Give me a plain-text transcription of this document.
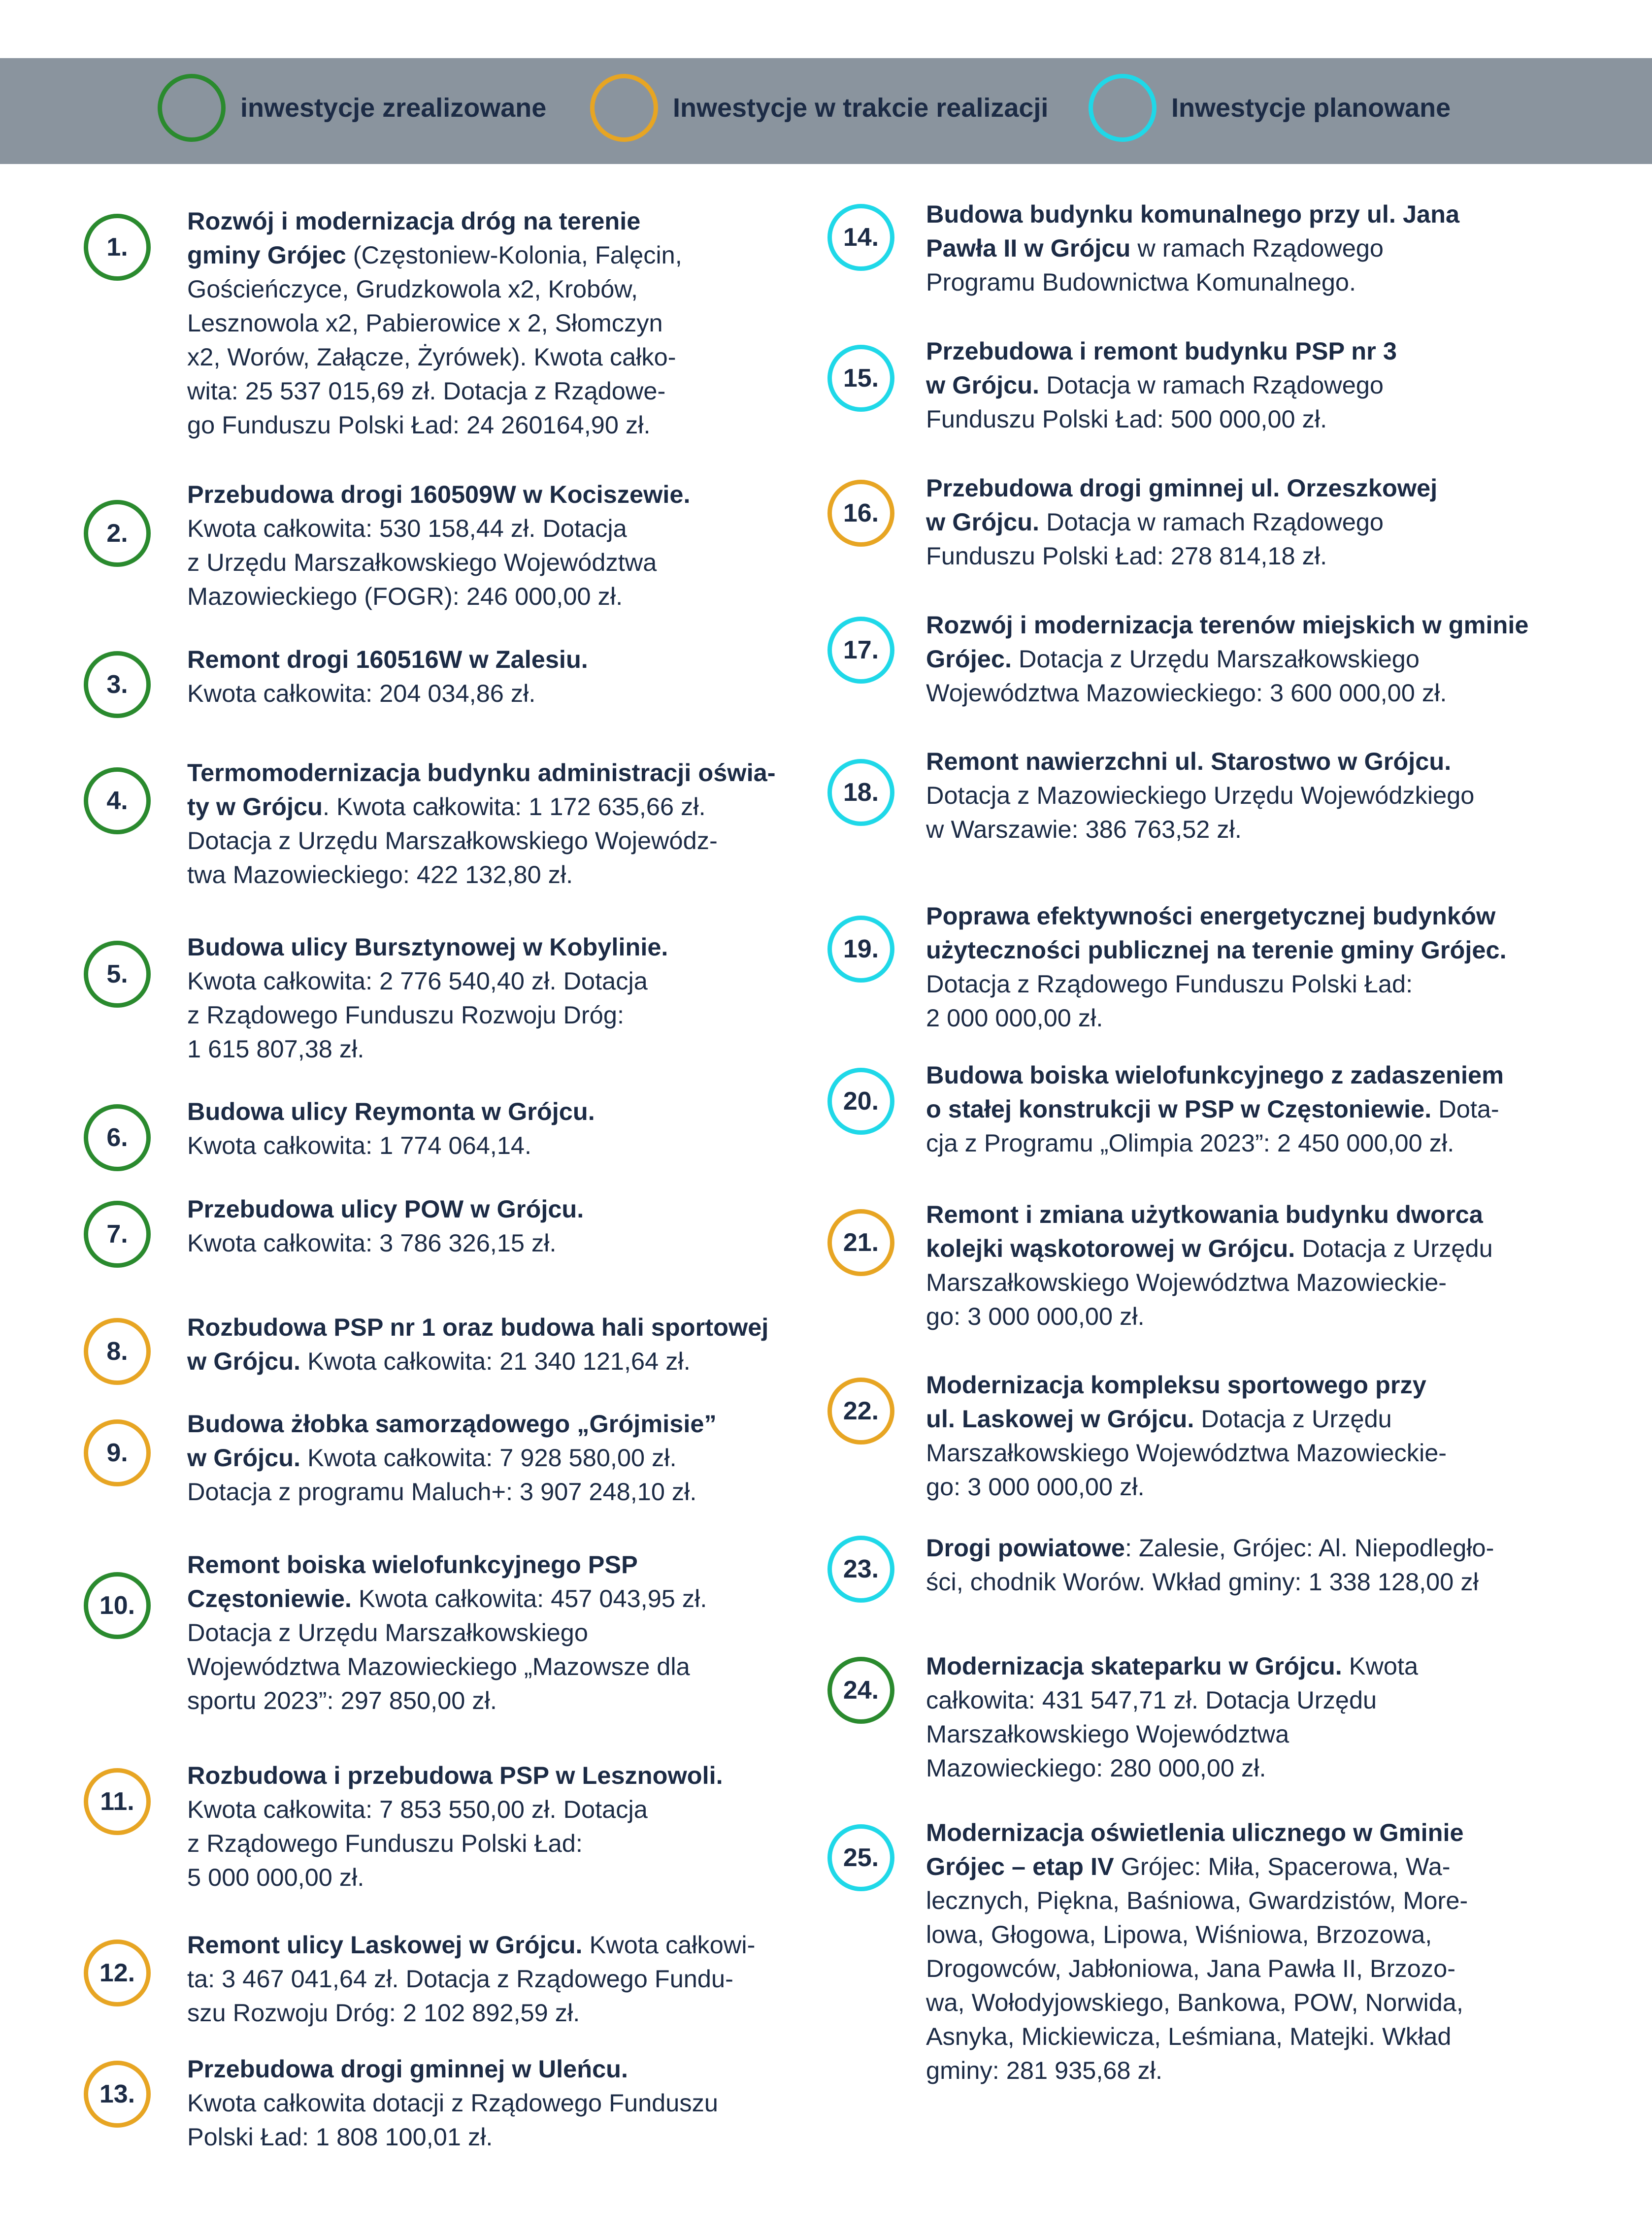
inwestycje zrealizowane	Inwestycje w trakcie realizacji	Inwestycje planowane
1.
Rozwój i modernizacja dróg na terenie
gminy Grójec (Częstoniew-Kolonia, Falęcin,
Gościeńczyce, Grudzkowola x2, Krobów,
Lesznowola x2, Pabierowice x 2, Słomczyn
x2, Worów, Załącze, Żyrówek). Kwota całko-
wita: 25 537 015,69 zł. Dotacja z Rządowe-
go Funduszu Polski Ład: 24 260164,90 zł.
2.
Przebudowa drogi 160509W w Kociszewie.
Kwota całkowita: 530 158,44 zł. Dotacja
z Urzędu Marszałkowskiego Województwa
Mazowieckiego (FOGR): 246 000,00 zł.
3.
Remont drogi 160516W w Zalesiu.
Kwota całkowita: 204 034,86 zł.
4.
Termomodernizacja budynku administracji oświa-
ty w Grójcu. Kwota całkowita: 1 172 635,66 zł.
Dotacja z Urzędu Marszałkowskiego Wojewódz-
twa Mazowieckiego: 422 132,80 zł.
5.
Budowa ulicy Bursztynowej w Kobylinie.
Kwota całkowita: 2 776 540,40 zł. Dotacja
z Rządowego Funduszu Rozwoju Dróg:
1 615 807,38 zł.
6.
Budowa ulicy Reymonta w Grójcu.
Kwota całkowita: 1 774 064,14.
7.
Przebudowa ulicy POW w Grójcu.
Kwota całkowita: 3 786 326,15 zł.
8.
Rozbudowa PSP nr 1 oraz budowa hali sportowej
w Grójcu. Kwota całkowita: 21 340 121,64 zł.
9.
Budowa żłobka samorządowego „Grójmisie”
w Grójcu. Kwota całkowita: 7 928 580,00 zł.
Dotacja z programu Maluch+: 3 907 248,10 zł.
10.
Remont boiska wielofunkcyjnego PSP
Częstoniewie. Kwota całkowita: 457 043,95 zł.
Dotacja z Urzędu Marszałkowskiego
Województwa Mazowieckiego „Mazowsze dla
sportu 2023”: 297 850,00 zł.
11.
Rozbudowa i przebudowa PSP w Lesznowoli.
Kwota całkowita: 7 853 550,00 zł. Dotacja
z Rządowego Funduszu Polski Ład:
5 000 000,00 zł.
12.
Remont ulicy Laskowej w Grójcu. Kwota całkowi-
ta: 3 467 041,64 zł. Dotacja z Rządowego Fundu-
szu Rozwoju Dróg: 2 102 892,59 zł.
13.
Przebudowa drogi gminnej w Uleńcu.
Kwota całkowita dotacji z Rządowego Funduszu
Polski Ład: 1 808 100,01 zł.
14.
Budowa budynku komunalnego przy ul. Jana
Pawła II w Grójcu w ramach Rządowego
Programu Budownictwa Komunalnego.
15.
Przebudowa i remont budynku PSP nr 3
w Grójcu. Dotacja w ramach Rządowego
Funduszu Polski Ład: 500 000,00 zł.
16.
Przebudowa drogi gminnej ul. Orzeszkowej
w Grójcu. Dotacja w ramach Rządowego
Funduszu Polski Ład: 278 814,18 zł.
17.
Rozwój i modernizacja terenów miejskich w gminie
Grójec. Dotacja z Urzędu Marszałkowskiego
Województwa Mazowieckiego: 3 600 000,00 zł.
18.
Remont nawierzchni ul. Starostwo w Grójcu.
Dotacja z Mazowieckiego Urzędu Wojewódzkiego
w Warszawie: 386 763,52 zł.
19.
Poprawa efektywności energetycznej budynków
użyteczności publicznej na terenie gminy Grójec.
Dotacja z Rządowego Funduszu Polski Ład:
2 000 000,00 zł.
20.
Budowa boiska wielofunkcyjnego z zadaszeniem
o stałej konstrukcji w PSP w Częstoniewie. Dota-
cja z Programu „Olimpia 2023”: 2 450 000,00 zł.
21.
Remont i zmiana użytkowania budynku dworca
kolejki wąskotorowej w Grójcu. Dotacja z Urzędu
Marszałkowskiego Województwa Mazowieckie-
go: 3 000 000,00 zł.
22.
Modernizacja kompleksu sportowego przy
ul. Laskowej w Grójcu. Dotacja z Urzędu
Marszałkowskiego Województwa Mazowieckie-
go: 3 000 000,00 zł.
23.
Drogi powiatowe: Zalesie, Grójec: Al. Niepodległo-
ści, chodnik Worów. Wkład gminy: 1 338 128,00 zł
24.
Modernizacja skateparku w Grójcu. Kwota
całkowita: 431 547,71 zł. Dotacja Urzędu
Marszałkowskiego Województwa
Mazowieckiego: 280 000,00 zł.
25.
Modernizacja oświetlenia ulicznego w Gminie
Grójec – etap IV Grójec: Miła, Spacerowa, Wa-
lecznych, Piękna, Baśniowa, Gwardzistów, More-
lowa, Głogowa, Lipowa, Wiśniowa, Brzozowa,
Drogowców, Jabłoniowa, Jana Pawła II, Brzozo-
wa, Wołodyjowskiego, Bankowa, POW, Norwida,
Asnyka, Mickiewicza, Leśmiana, Matejki. Wkład
gminy: 281 935,68 zł.
